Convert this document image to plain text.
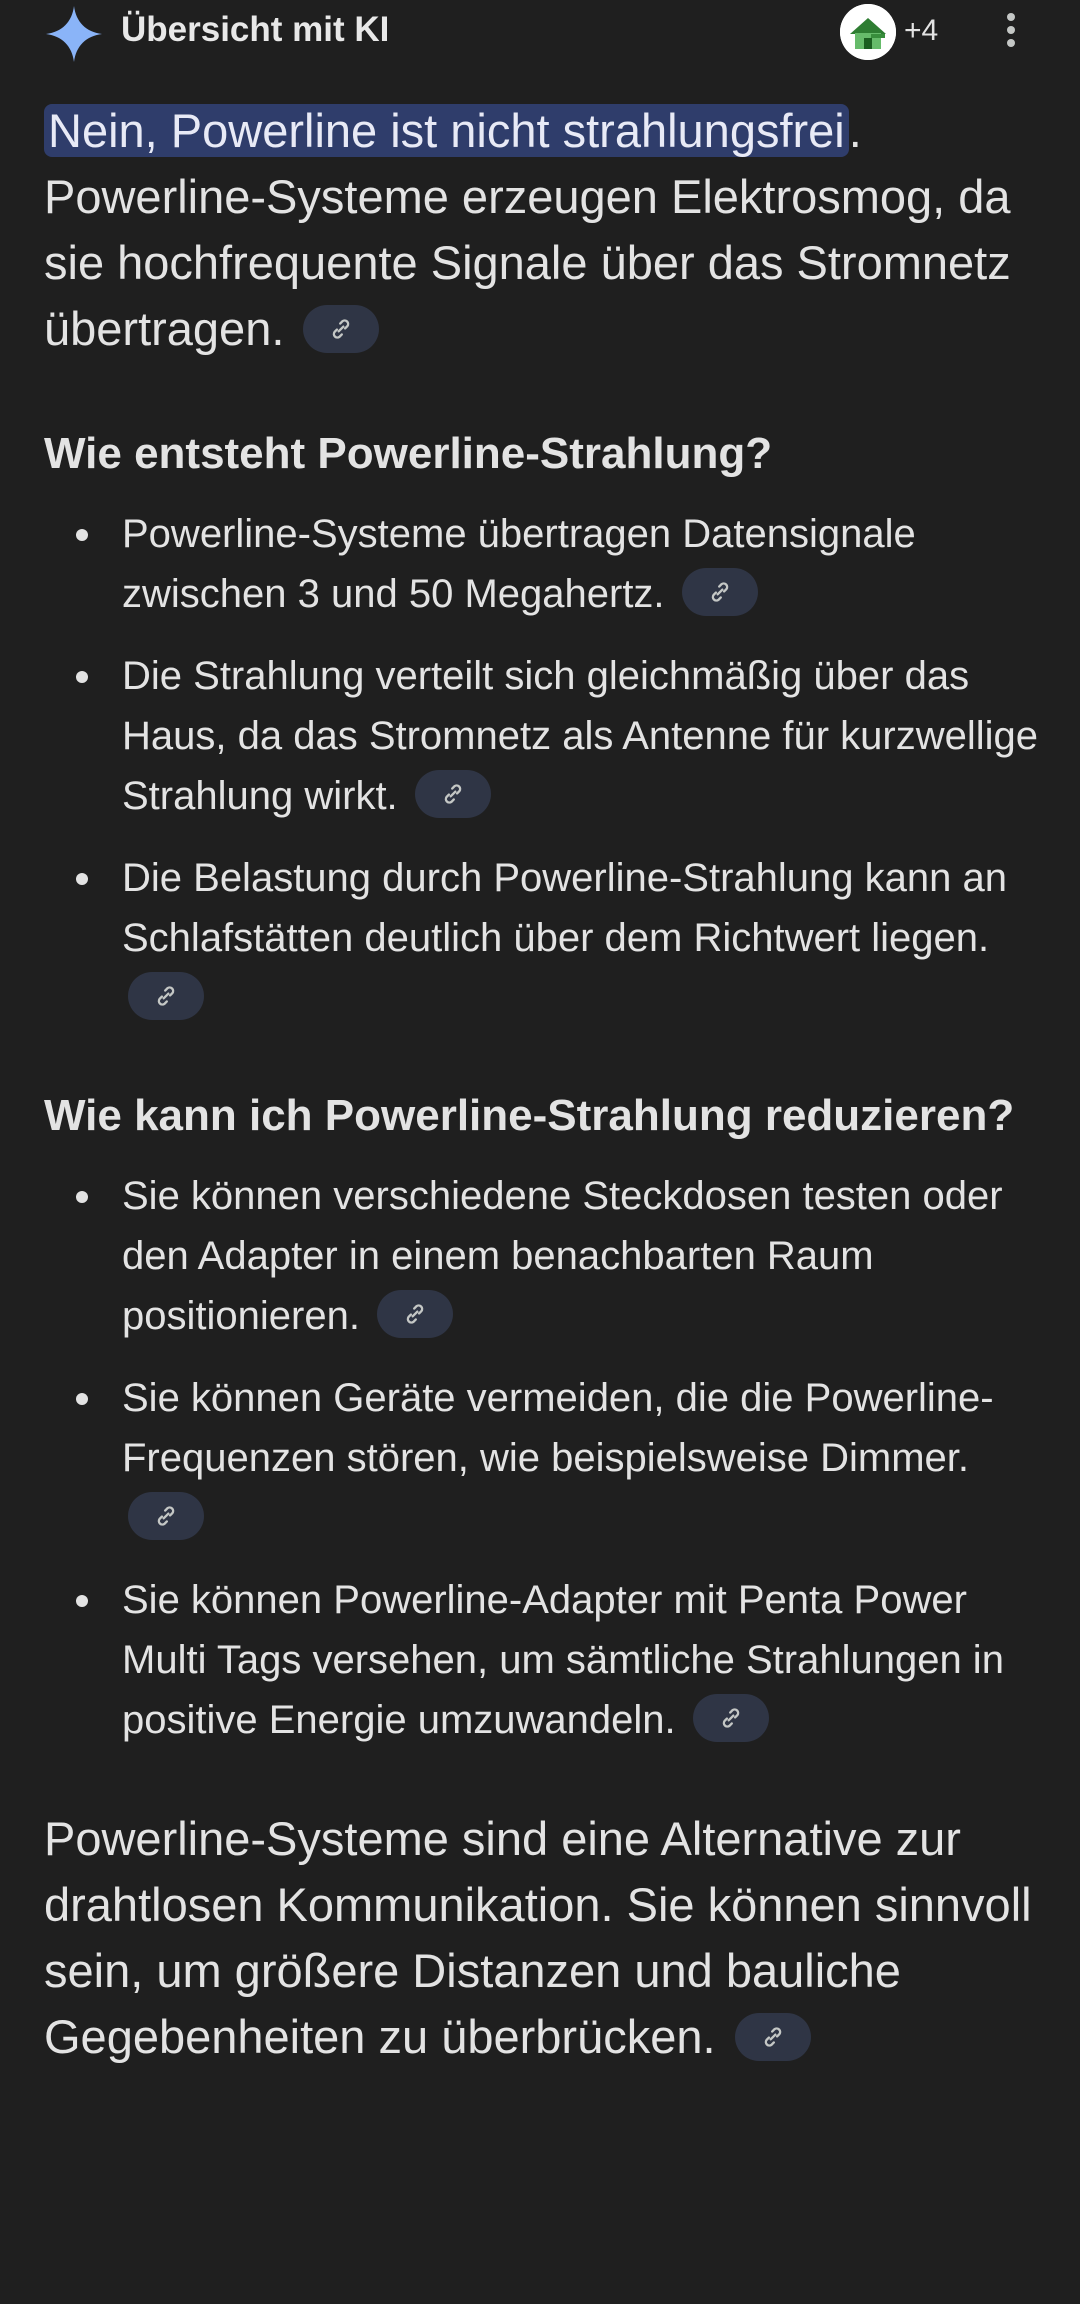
Übersicht mit KI	+4

Nein, Powerline ist nicht strahlungsfrei. Powerline-Systeme erzeugen Elektrosmog, da sie hochfrequente Signale über das Stromnetz übertragen.

Wie entsteht Powerline-Strahlung?

Powerline-Systeme übertragen Datensignale zwischen 3 und 50 Megahertz.
Die Strahlung verteilt sich gleichmäßig über das Haus, da das Stromnetz als Antenne für kurzwellige Strahlung wirkt.
Die Belastung durch Powerline-Strahlung kann an Schlafstätten deutlich über dem Richtwert liegen.

Wie kann ich Powerline-Strahlung reduzieren?

Sie können verschiedene Steckdosen testen oder den Adapter in einem benachbarten Raum positionieren.
Sie können Geräte vermeiden, die die Powerline-Frequenzen stören, wie beispielsweise Dimmer.
Sie können Powerline-Adapter mit Penta Power Multi Tags versehen, um sämtliche Strahlungen in positive Energie umzuwandeln.

Powerline-Systeme sind eine Alternative zur drahtlosen Kommunikation. Sie können sinnvoll sein, um größere Distanzen und bauliche Gegebenheiten zu überbrücken.
